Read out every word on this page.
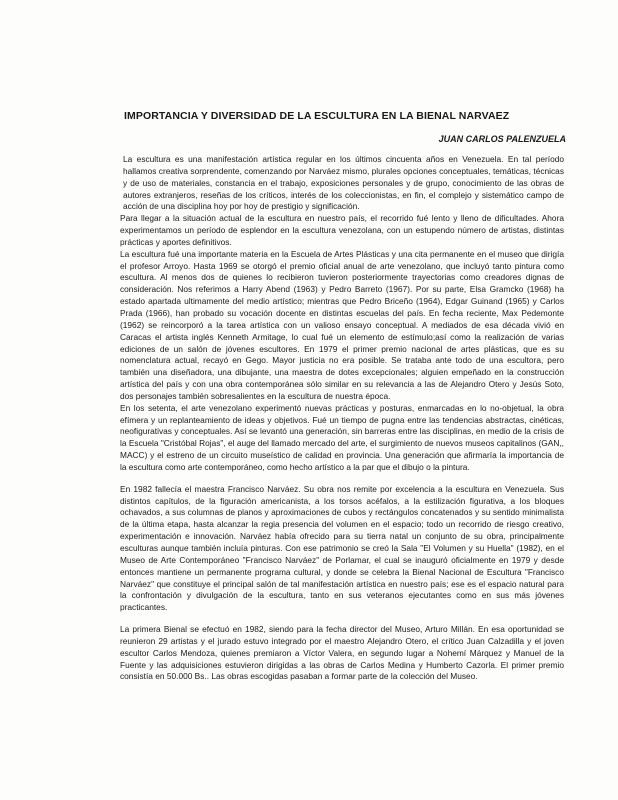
IMPORTANCIA Y DIVERSIDAD DE LA ESCULTURA EN LA BIENAL NARVAEZ
JUAN CARLOS PALENZUELA

La escultura es una manifestación artística regular en los últimos cincuenta años en Venezuela. En tal período hallamos creativa sorprendente, comenzando por Narváez mismo, plurales opciones conceptuales, temáticas, técnicas y de uso de materiales, constancia en el trabajo, exposiciones personales y de grupo, conocimiento de las obras de autores extranjeros, reseñas de los críticos, interés de los coleccionistas, en fin, el complejo y sistemático campo de acción de una disciplina hoy por hoy de prestigio y significación.

Para llegar a la situación actual de la escultura en nuestro país, el recorrido fué lento y lleno de dificultades. Ahora experimentamos un período de esplendor en la escultura venezolana, con un estupendo número de artistas, distintas prácticas y aportes definitivos.

La escultura fué una importante materia en la Escuela de Artes Plásticas y una cita permanente en el museo que dirigía el profesor Arroyo. Hasta 1969 se otorgó el premio oficial anual de arte venezolano, que incluyó tanto pintura como escultura. Al menos dos de quienes lo recibieron tuvieron posteriormente trayectorias como creadores dignas de consideración. Nos referimos a Harry Abend (1963) y Pedro Barreto (1967). Por su parte, Elsa Gramcko (1968) ha estado apartada ultimamente del medio artístico; mientras que Pedro Briceño (1964), Edgar Guinand (1965) y Carlos Prada (1966), han probado su vocación docente en distintas escuelas del país. En fecha reciente, Max Pedemonte (1962) se reincorporó a la tarea artística con un valioso ensayo conceptual. A mediados de esa década vivió en Caracas el artista inglés Kenneth Armitage, lo cual fué un elemento de estímulo;así como la realización de varias ediciones de un salón de jóvenes escultores. En 1979 el primer premio nacional de artes plásticas, que es su nomenclatura actual, recayó en Gego. Mayor justicia no era posible. Se trataba ante todo de una escultora, pero también una diseñadora, una dibujante, una maestra de dotes excepcionales; alguien empeñado en la construcción artística del país y con una obra contemporánea sólo similar en su relevancia a las de Alejandro Otero y Jesús Soto, dos personajes también sobresalientes en la escultura de nuestra época.

En los setenta, el arte venezolano experimentó nuevas prácticas y posturas, enmarcadas en lo no-objetual, la obra efímera y un replanteamiento de ideas y objetivos. Fué un tiempo de pugna entre las tendencias abstractas, cinéticas, neofigurativas y conceptuales. Así se levantó una generación, sin barreras entre las disciplinas, en medio de la crisis de la Escuela "Cristóbal Rojas", el auge del llamado mercado del arte, el surgimiento de nuevos museos capitalinos (GAN,, MACC) y el estreno de un circuito museístico de calidad en provincia. Una generación que afirmaría la importancia de la escultura como arte contemporáneo, como hecho artístico a la par que el dibujo o la pintura.

En 1982 fallecía el maestra Francisco Narváez. Su obra nos remite por excelencia a la escultura en Venezuela. Sus distintos capítulos, de la figuración americanista, a los torsos acéfalos, a la estilización figurativa, a los bloques ochavados, a sus columnas de planos y aproximaciones de cubos y rectángulos concatenados y su sentido minimalista de la última etapa, hasta alcanzar la regia presencia del volumen en el espacio; todo un recorrido de riesgo creativo, experimentación e innovación. Narváez había ofrecido para su tierra natal un conjunto de su obra, principalmente esculturas aunque también incluía pinturas. Con ese patrimonio se creó la Sala "El Volumen y su Huella" (1982), en el Museo de Arte Contemporáneo "Francisco Narváez" de Porlamar, el cual se inauguró oficialmente en 1979 y desde entonces mantiene un permanente programa cultural, y donde se celebra la Bienal Nacional de Escultura "Francisco Narváez" que constituye el principal salón de tal manifestación artística en nuestro país; ese es el espacio natural para la confrontación y divulgación de la escultura, tanto en sus veteranos ejecutantes como en sus más jóvenes practicantes.

La primera Bienal se efectuó en 1982, siendo para la fecha director del Museo, Arturo Millán. En esa oportunidad se reunieron 29 artistas y el jurado estuvo integrado por el maestro Alejandro Otero, el crítico Juan Calzadilla y el joven escultor Carlos Mendoza, quienes premiaron a Víctor Valera, en segundo lugar a Nohemí Márquez y Manuel de la Fuente y las adquisiciones estuvieron dirigidas a las obras de Carlos Medina y Humberto Cazorla. El primer premio consistía en 50.000 Bs.. Las obras escogidas pasaban a formar parte de la colección del Museo.
